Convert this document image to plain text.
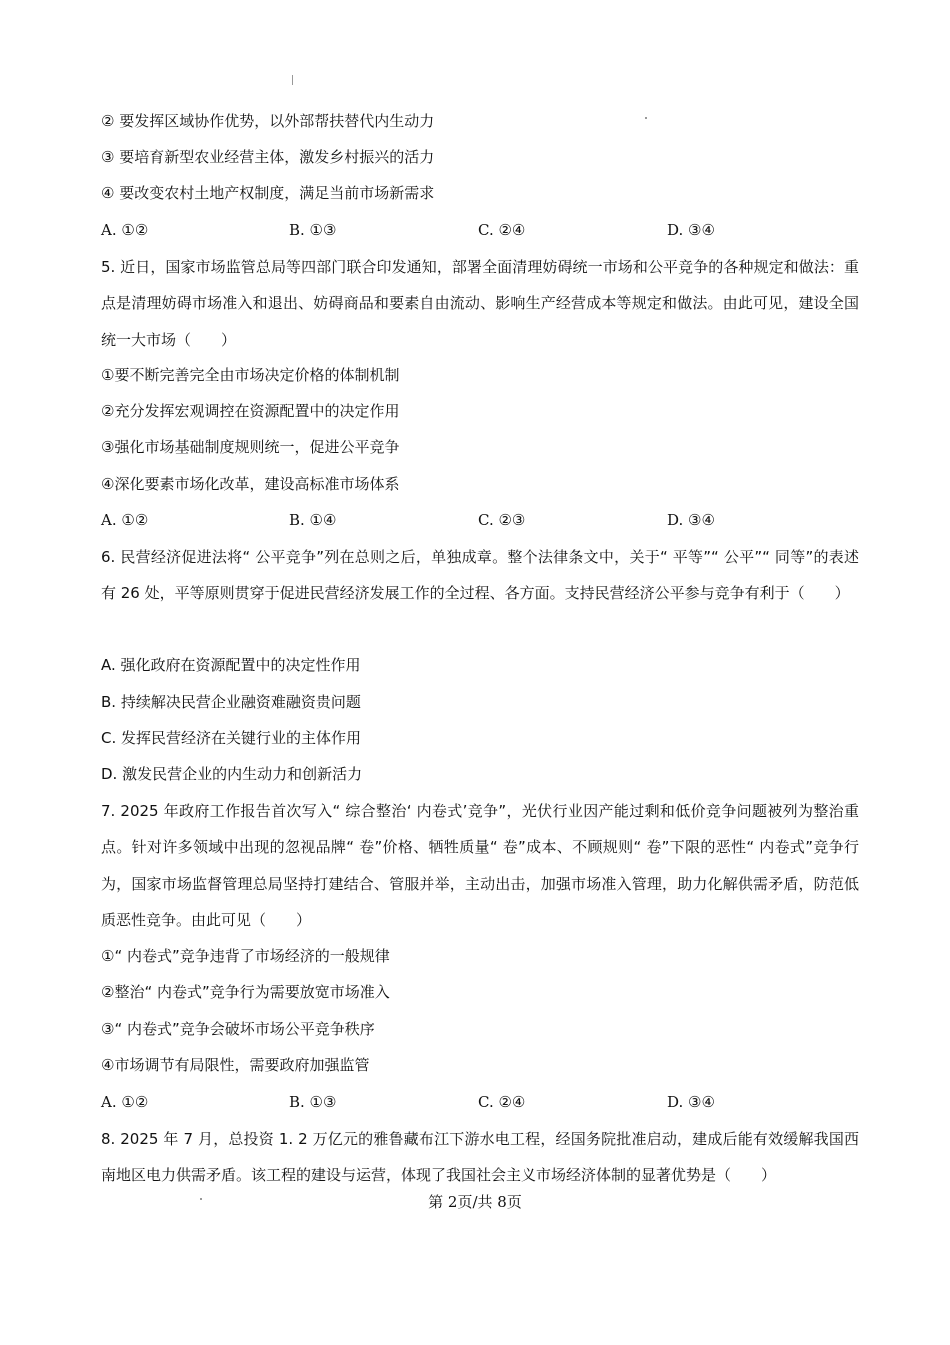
② 要发挥区域协作优势，以外部帮扶替代内生动力
③ 要培育新型农业经营主体，激发乡村振兴的活力
④ 要改变农村土地产权制度，满足当前市场新需求
A. ①②	B. ①③	C. ②④	D. ③④
5. 近日，国家市场监管总局等四部门联合印发通知，部署全面清理妨碍统一市场和公平竞争的各种规定和做法：重点是清理妨碍市场准入和退出、妨碍商品和要素自由流动、影响生产经营成本等规定和做法。由此可见，建设全国统一大市场（　　）
①要不断完善完全由市场决定价格的体制机制
②充分发挥宏观调控在资源配置中的决定作用
③强化市场基础制度规则统一，促进公平竞争
④深化要素市场化改革，建设高标准市场体系
A. ①②	B. ①④	C. ②③	D. ③④
6. 民营经济促进法将“ 公平竞争”列在总则之后，单独成章。整个法律条文中，关于“ 平等”“ 公平”“ 同等”的表述有 26 处，平等原则贯穿于促进民营经济发展工作的全过程、各方面。支持民营经济公平参与竞争有利于（　　）
A. 强化政府在资源配置中的决定性作用
B. 持续解决民营企业融资难融资贵问题
C. 发挥民营经济在关键行业的主体作用
D. 激发民营企业的内生动力和创新活力
7. 2025 年政府工作报告首次写入“ 综合整治‘ 内卷式’竞争”，光伏行业因产能过剩和低价竞争问题被列为整治重点。针对许多领域中出现的忽视品牌“ 卷”价格、牺牲质量“ 卷”成本、不顾规则“ 卷”下限的恶性“ 内卷式”竞争行为，国家市场监督管理总局坚持打建结合、管服并举，主动出击，加强市场准入管理，助力化解供需矛盾，防范低质恶性竞争。由此可见（　　）
①“ 内卷式”竞争违背了市场经济的一般规律
②整治“ 内卷式”竞争行为需要放宽市场准入
③“ 内卷式”竞争会破坏市场公平竞争秩序
④市场调节有局限性，需要政府加强监管
A. ①②	B. ①③	C. ②④	D. ③④
8. 2025 年 7 月，总投资 1. 2 万亿元的雅鲁藏布江下游水电工程，经国务院批准启动，建成后能有效缓解我国西南地区电力供需矛盾。该工程的建设与运营，体现了我国社会主义市场经济体制的显著优势是（　　）
第 2页/共 8页
